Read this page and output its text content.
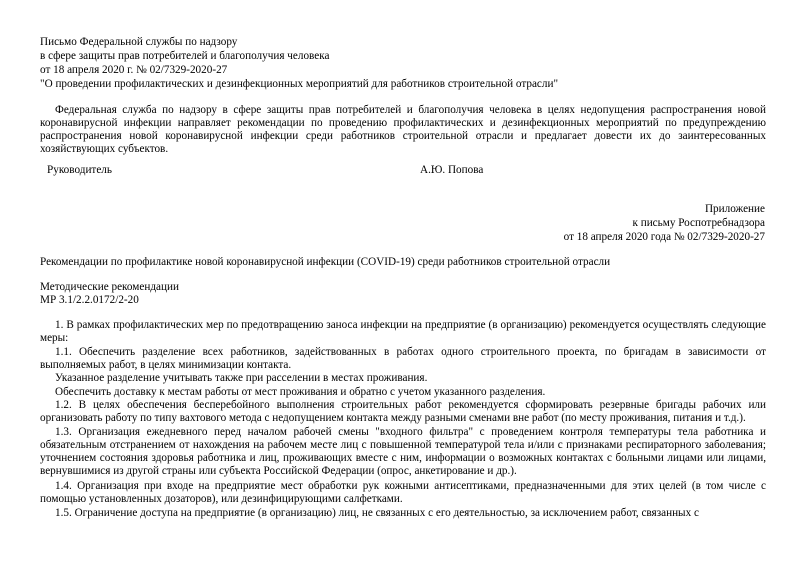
Письмо Федеральной службы по надзору
в сфере защиты прав потребителей и благополучия человека
от 18 апреля 2020 г. № 02/7329-2020-27
"О проведении профилактических и дезинфекционных мероприятий для работников строительной отрасли"
Федеральная служба по надзору в сфере защиты прав потребителей и благополучия человека в целях недопущения распространения новой коронавирусной инфекции направляет рекомендации по проведению профилактических и дезинфекционных мероприятий по предупреждению распространения новой коронавирусной инфекции среди работников строительной отрасли и предлагает довести их до заинтересованных хозяйствующих субъектов.
Руководитель	А.Ю. Попова
Приложение
к письму Роспотребнадзора
от 18 апреля 2020 года № 02/7329-2020-27
Рекомендации по профилактике новой коронавирусной инфекции (COVID-19) среди работников строительной отрасли
Методические рекомендации
МР 3.1/2.2.0172/2-20
1. В рамках профилактических мер по предотвращению заноса инфекции на предприятие (в организацию) рекомендуется осуществлять следующие меры:
1.1. Обеспечить разделение всех работников, задействованных в работах одного строительного проекта, по бригадам в зависимости от выполняемых работ, в целях минимизации контакта.
Указанное разделение учитывать также при расселении в местах проживания.
Обеспечить доставку к местам работы от мест проживания и обратно с учетом указанного разделения.
1.2. В целях обеспечения бесперебойного выполнения строительных работ рекомендуется сформировать резервные бригады рабочих или организовать работу по типу вахтового метода с недопущением контакта между разными сменами вне работ (по месту проживания, питания и т.д.).
1.3. Организация ежедневного перед началом рабочей смены "входного фильтра" с проведением контроля температуры тела работника и обязательным отстранением от нахождения на рабочем месте лиц с повышенной температурой тела и/или с признаками респираторного заболевания; уточнением состояния здоровья работника и лиц, проживающих вместе с ним, информации о возможных контактах с больными лицами или лицами, вернувшимися из другой страны или субъекта Российской Федерации (опрос, анкетирование и др.).
1.4. Организация при входе на предприятие мест обработки рук кожными антисептиками, предназначенными для этих целей (в том числе с помощью установленных дозаторов), или дезинфицирующими салфетками.
1.5. Ограничение доступа на предприятие (в организацию) лиц, не связанных с его деятельностью, за исключением работ, связанных с
